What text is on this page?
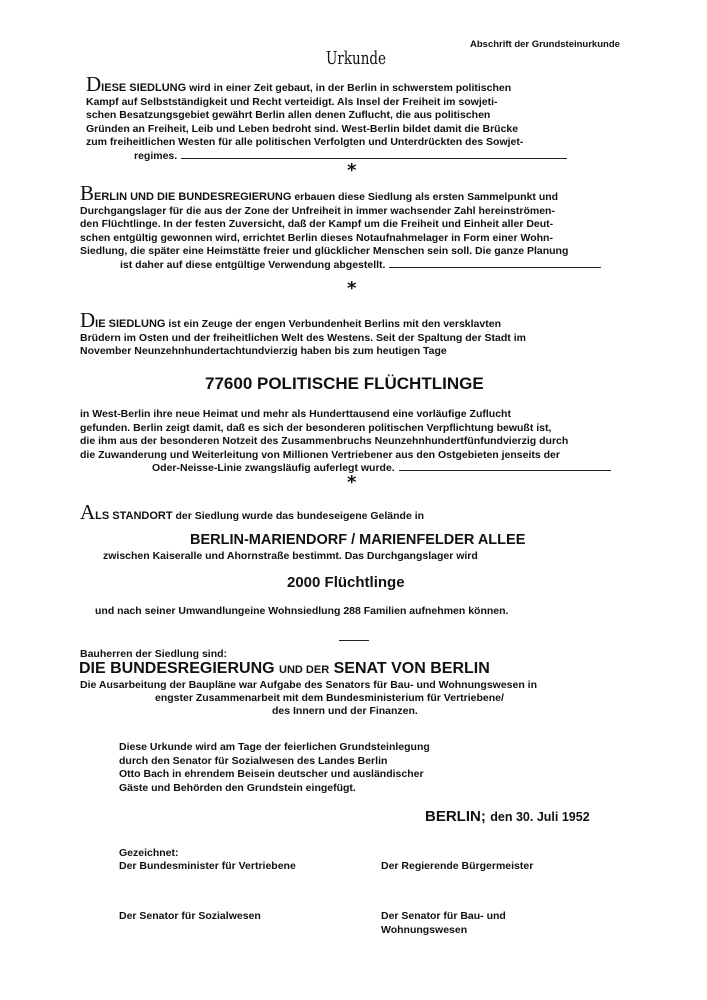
Abschrift der Grundsteinurkunde
Urkunde
DIESE SIEDLUNG wird in einer Zeit gebaut, in der Berlin in schwerstem politischen
Kampf auf Selbstständigkeit und Recht verteidigt. Als Insel der Freiheit im sowjeti-
schen Besatzungsgebiet gewährt Berlin allen denen Zuflucht, die aus politischen
Gründen an Freiheit, Leib und Leben bedroht sind. West-Berlin bildet damit die Brücke
zum freiheitlichen Westen für alle politischen Verfolgten und Unterdrückten des Sowjet-
regimes.
*
BERLIN UND DIE BUNDESREGIERUNG erbauen diese Siedlung als ersten Sammelpunkt und
Durchgangslager für die aus der Zone der Unfreiheit in immer wachsender Zahl hereinströmen-
den Flüchtlinge. In der festen Zuversicht, daß der Kampf um die Freiheit und Einheit aller Deut-
schen entgültig gewonnen wird, errichtet Berlin dieses Notaufnahmelager in Form einer Wohn-
Siedlung, die später eine Heimstätte freier und glücklicher Menschen sein soll. Die ganze Planung
ist daher auf diese entgültige Verwendung abgestellt.
*
DIE SIEDLUNG ist ein Zeuge der engen Verbundenheit Berlins mit den versklavten
Brüdern im Osten und der freiheitlichen Welt des Westens. Seit der Spaltung der Stadt im
November Neunzehnhundertachtundvierzig haben bis zum heutigen Tage
77600 POLITISCHE FLÜCHTLINGE
in West-Berlin ihre neue Heimat und mehr als Hunderttausend eine vorläufige Zuflucht
gefunden. Berlin zeigt damit, daß es sich der besonderen politischen Verpflichtung bewußt ist,
die ihm aus der besonderen Notzeit des Zusammenbruchs Neunzehnhundertfünfundvierzig durch
die Zuwanderung und Weiterleitung von Millionen Vertriebener aus den Ostgebieten jenseits der
Oder-Neisse-Linie zwangsläufig auferlegt wurde.
*
ALS STANDORT der Siedlung wurde das bundeseigene Gelände in
BERLIN-MARIENDORF / MARIENFELDER ALLEE
zwischen Kaiseralle und Ahornstraße bestimmt. Das Durchgangslager wird
2000 Flüchtlinge
und nach seiner Umwandlungeine Wohnsiedlung 288 Familien aufnehmen können.
Bauherren der Siedlung sind:
DIE BUNDESREGIERUNG UND DER SENAT VON BERLIN
Die Ausarbeitung der Baupläne war Aufgabe des Senators für Bau- und Wohnungswesen in
engster Zusammenarbeit mit dem Bundesministerium für Vertriebene/
des Innern und der Finanzen.
Diese Urkunde wird am Tage der feierlichen Grundsteinlegung
durch den Senator für Sozialwesen des Landes Berlin
Otto Bach in ehrendem Beisein deutscher und ausländischer
Gäste und Behörden den Grundstein eingefügt.
BERLIN; den 30. Juli 1952
Gezeichnet:
Der Bundesminister für Vertriebene	Der Regierende Bürgermeister
Der Senator für Sozialwesen	Der Senator für Bau- und
Wohnungswesen
